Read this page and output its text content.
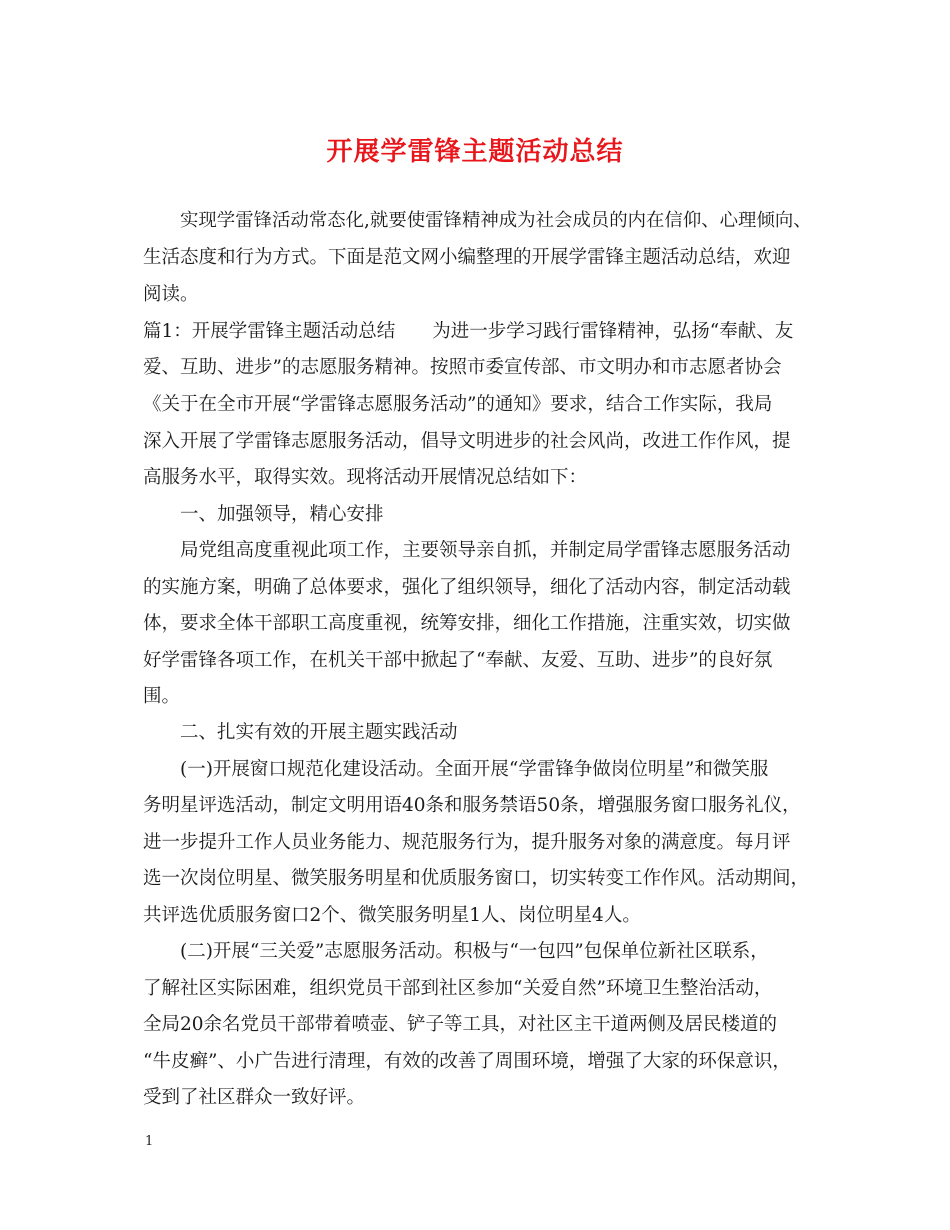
开展学雷锋主题活动总结
实现学雷锋活动常态化,就要使雷锋精神成为社会成员的内在信仰、心理倾向、
生活态度和行为方式。下面是范文网小编整理的开展学雷锋主题活动总结，欢迎
阅读。
篇1：开展学雷锋主题活动总结　　为进一步学习践行雷锋精神，弘扬“奉献、友
爱、互助、进步”的志愿服务精神。按照市委宣传部、市文明办和市志愿者协会
《关于在全市开展“学雷锋志愿服务活动”的通知》要求，结合工作实际，我局
深入开展了学雷锋志愿服务活动，倡导文明进步的社会风尚，改进工作作风，提
高服务水平，取得实效。现将活动开展情况总结如下：
一、加强领导，精心安排
局党组高度重视此项工作，主要领导亲自抓，并制定局学雷锋志愿服务活动
的实施方案，明确了总体要求，强化了组织领导，细化了活动内容，制定活动载
体，要求全体干部职工高度重视，统筹安排，细化工作措施，注重实效，切实做
好学雷锋各项工作，在机关干部中掀起了“奉献、友爱、互助、进步”的良好氛
围。
二、扎实有效的开展主题实践活动
(一)开展窗口规范化建设活动。全面开展“学雷锋争做岗位明星”和微笑服
务明星评选活动，制定文明用语40条和服务禁语50条，增强服务窗口服务礼仪，
进一步提升工作人员业务能力、规范服务行为，提升服务对象的满意度。每月评
选一次岗位明星、微笑服务明星和优质服务窗口，切实转变工作作风。活动期间，
共评选优质服务窗口2个、微笑服务明星1人、岗位明星4人。
(二)开展“三关爱”志愿服务活动。积极与“一包四”包保单位新社区联系，
了解社区实际困难，组织党员干部到社区参加“关爱自然”环境卫生整治活动，
全局20余名党员干部带着喷壶、铲子等工具，对社区主干道两侧及居民楼道的
“牛皮癣”、小广告进行清理，有效的改善了周围环境，增强了大家的环保意识，
受到了社区群众一致好评。
1
